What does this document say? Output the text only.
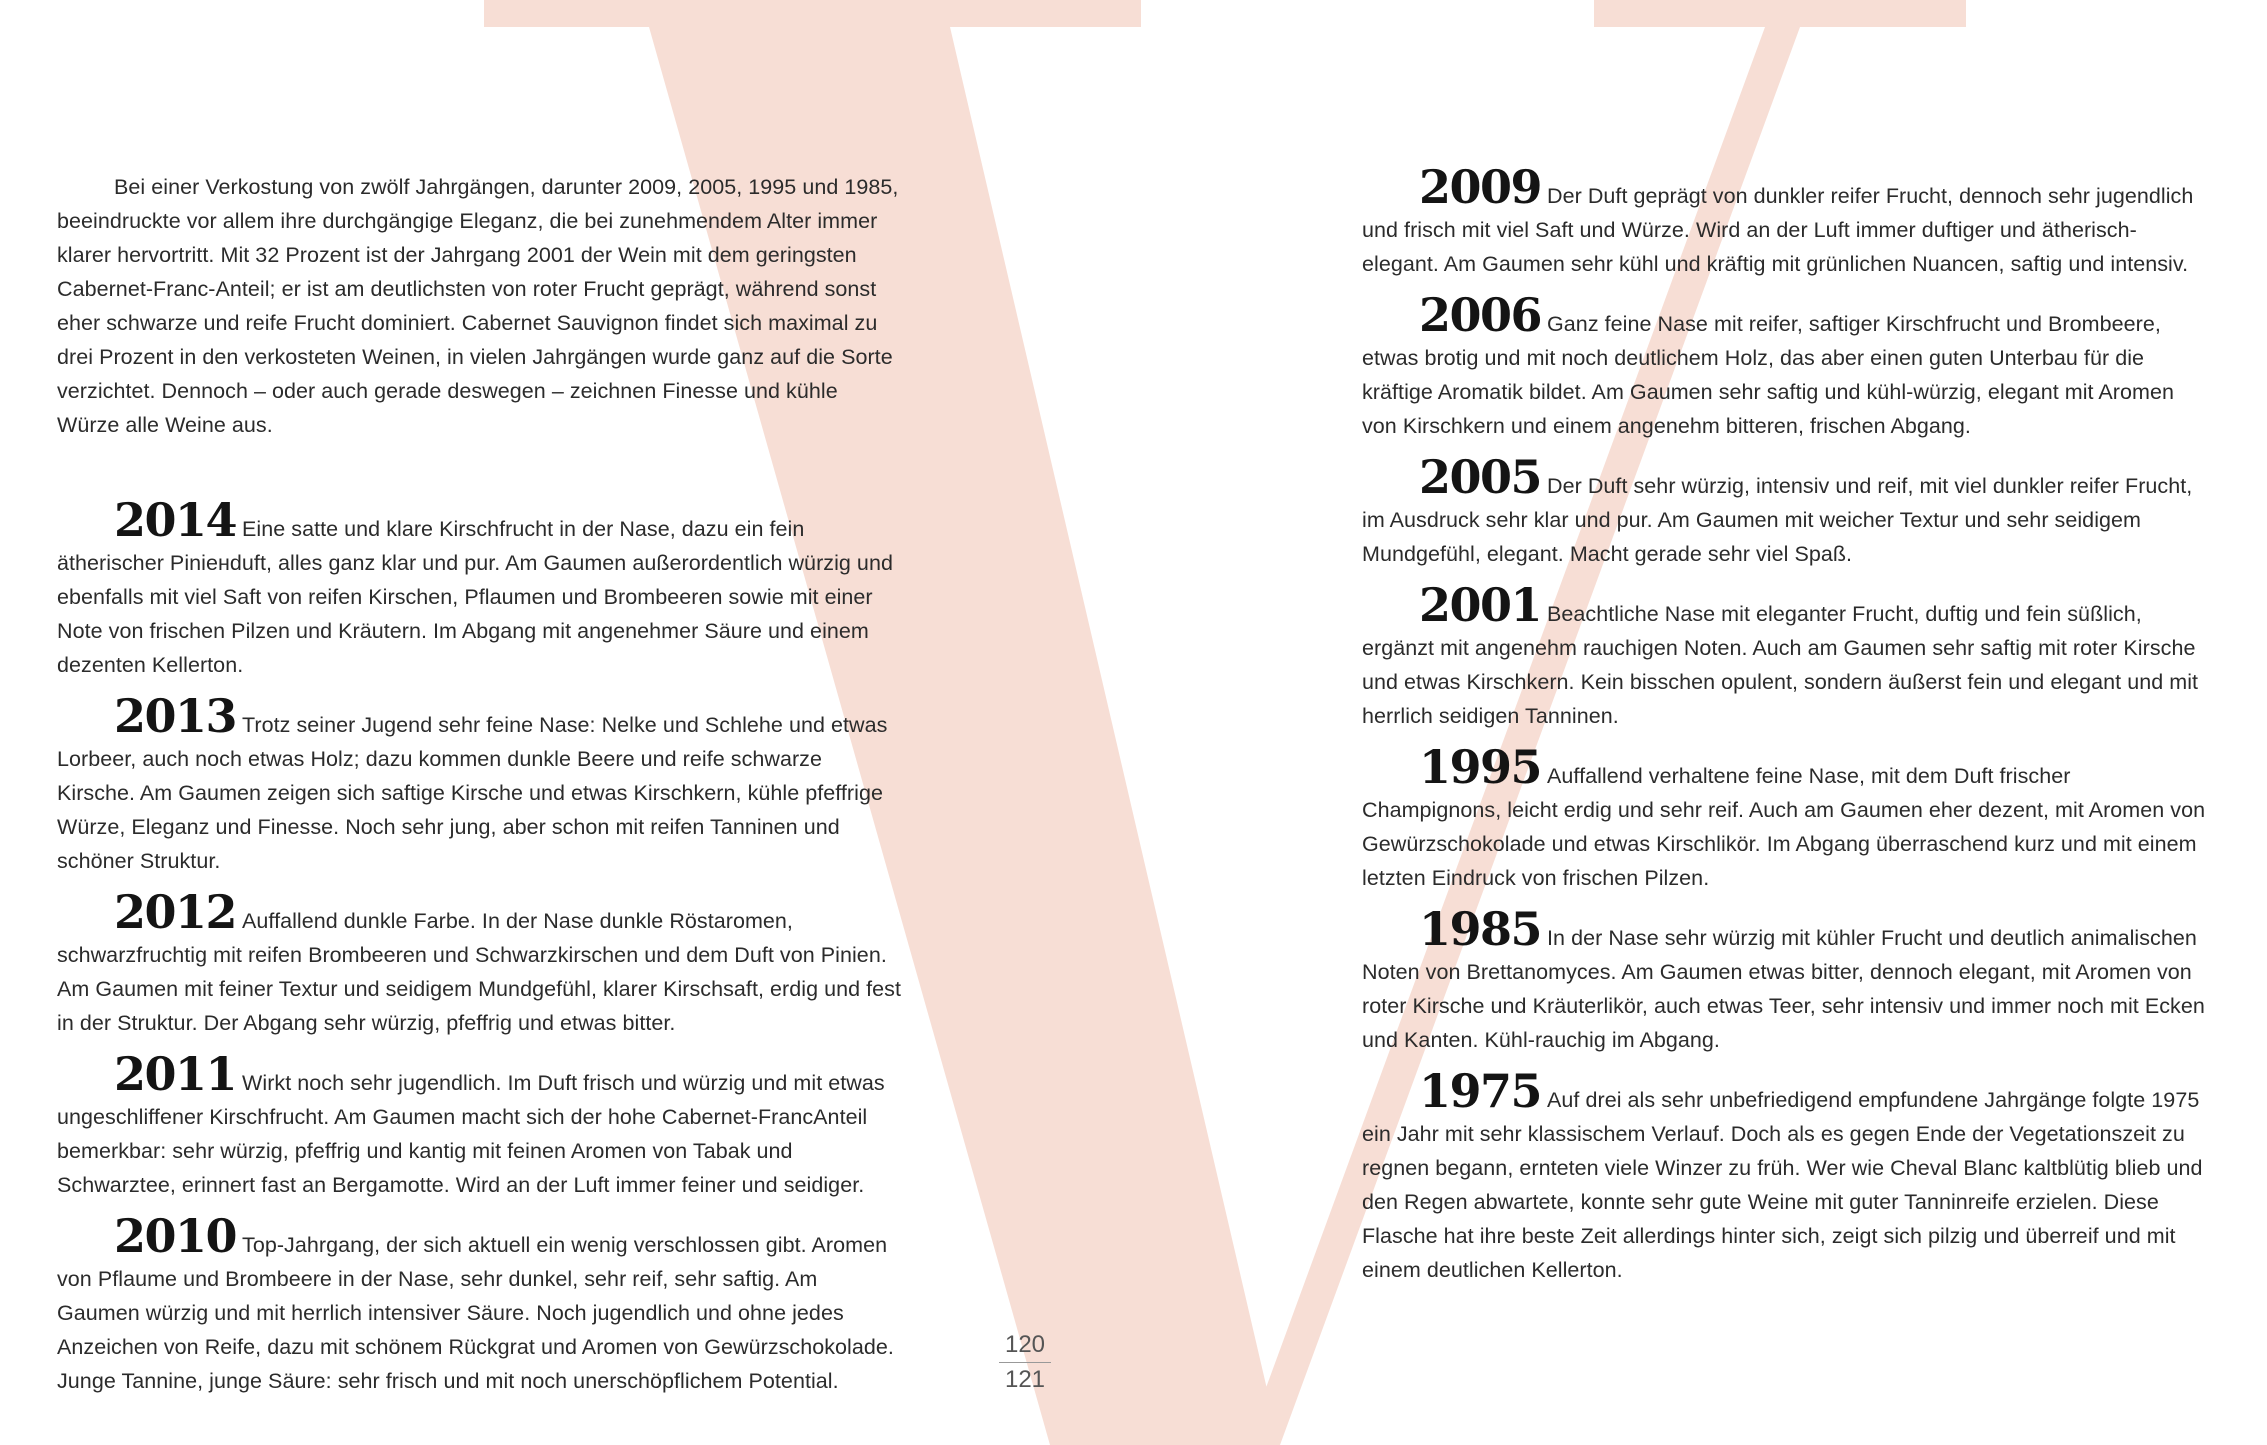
Bei einer Verkostung von zwölf Jahrgängen, darunter 2009, 2005, 1995 und 1985, beeindruckte vor allem ihre durchgängige Eleganz, die bei zunehmendem Alter immer klarer hervortritt. Mit 32 Prozent ist der Jahrgang 2001 der Wein mit dem geringsten Cabernet-Franc-Anteil; er ist am deutlichsten von roter Frucht geprägt, während sonst eher schwarze und reife Frucht dominiert. Cabernet Sauvignon findet sich maximal zu drei Prozent in den verkosteten Weinen, in vielen Jahrgängen wurde ganz auf die Sorte verzichtet. Dennoch – oder auch gerade deswegen – zeichnen Finesse und kühle Würze alle Weine aus.

2014 Eine satte und klare Kirschfrucht in der Nase, dazu ein fein ätherischer Piniенduft, alles ganz klar und pur. Am Gaumen außerordentlich würzig und ebenfalls mit viel Saft von reifen Kirschen, Pflaumen und Brombeeren sowie mit einer Note von frischen Pilzen und Kräutern. Im Abgang mit angenehmer Säure und einem dezenten Kellerton.

2013 Trotz seiner Jugend sehr feine Nase: Nelke und Schlehe und etwas Lorbeer, auch noch etwas Holz; dazu kommen dunkle Beere und reife schwarze Kirsche. Am Gaumen zeigen sich saftige Kirsche und etwas Kirschkern, kühle pfeffrige Würze, Eleganz und Finesse. Noch sehr jung, aber schon mit reifen Tanninen und schöner Struktur.

2012 Auffallend dunkle Farbe. In der Nase dunkle Röstaromen, schwarzfruchtig mit reifen Brombeeren und Schwarzkirschen und dem Duft von Pinien. Am Gaumen mit feiner Textur und seidigem Mundgefühl, klarer Kirschsaft, erdig und fest in der Struktur. Der Abgang sehr würzig, pfeffrig und etwas bitter.

2011 Wirkt noch sehr jugendlich. Im Duft frisch und würzig und mit etwas ungeschliffener Kirschfrucht. Am Gaumen macht sich der hohe Cabernet-FrancAnteil bemerkbar: sehr würzig, pfeffrig und kantig mit feinen Aromen von Tabak und Schwarztee, erinnert fast an Bergamotte. Wird an der Luft immer feiner und seidiger.

2010 Top-Jahrgang, der sich aktuell ein wenig verschlossen gibt. Aromen von Pflaume und Brombeere in der Nase, sehr dunkel, sehr reif, sehr saftig. Am Gaumen würzig und mit herrlich intensiver Säure. Noch jugendlich und ohne jedes Anzeichen von Reife, dazu mit schönem Rückgrat und Aromen von Gewürzschokolade. Junge Tannine, junge Säure: sehr frisch und mit noch unerschöpflichem Potential.

2009 Der Duft geprägt von dunkler reifer Frucht, dennoch sehr jugendlich und frisch mit viel Saft und Würze. Wird an der Luft immer duftiger und ätherisch-elegant. Am Gaumen sehr kühl und kräftig mit grünlichen Nuancen, saftig und intensiv.

2006 Ganz feine Nase mit reifer, saftiger Kirschfrucht und Brombeere, etwas brotig und mit noch deutlichem Holz, das aber einen guten Unterbau für die kräftige Aromatik bildet. Am Gaumen sehr saftig und kühl-würzig, elegant mit Aromen von Kirschkern und einem angenehm bitteren, frischen Abgang.

2005 Der Duft sehr würzig, intensiv und reif, mit viel dunkler reifer Frucht, im Ausdruck sehr klar und pur. Am Gaumen mit weicher Textur und sehr seidigem Mundgefühl, elegant. Macht gerade sehr viel Spaß.

2001 Beachtliche Nase mit eleganter Frucht, duftig und fein süßlich, ergänzt mit angenehm rauchigen Noten. Auch am Gaumen sehr saftig mit roter Kirsche und etwas Kirschkern. Kein bisschen opulent, sondern äußerst fein und elegant und mit herrlich seidigen Tanninen.

1995 Auffallend verhaltene feine Nase, mit dem Duft frischer Champignons, leicht erdig und sehr reif. Auch am Gaumen eher dezent, mit Aromen von Gewürzschokolade und etwas Kirschlikör. Im Abgang überraschend kurz und mit einem letzten Eindruck von frischen Pilzen.

1985 In der Nase sehr würzig mit kühler Frucht und deutlich animalischen Noten von Brettanomyces. Am Gaumen etwas bitter, dennoch elegant, mit Aromen von roter Kirsche und Kräuterlikör, auch etwas Teer, sehr intensiv und immer noch mit Ecken und Kanten. Kühl-rauchig im Abgang.

1975 Auf drei als sehr unbefriedigend empfundene Jahrgänge folgte 1975 ein Jahr mit sehr klassischem Verlauf. Doch als es gegen Ende der Vegetationszeit zu regnen begann, ernteten viele Winzer zu früh. Wer wie Cheval Blanc kaltblütig blieb und den Regen abwartete, konnte sehr gute Weine mit guter Tanninreife erzielen. Diese Flasche hat ihre beste Zeit allerdings hinter sich, zeigt sich pilzig und überreif und mit einem deutlichen Kellerton.

120
121
